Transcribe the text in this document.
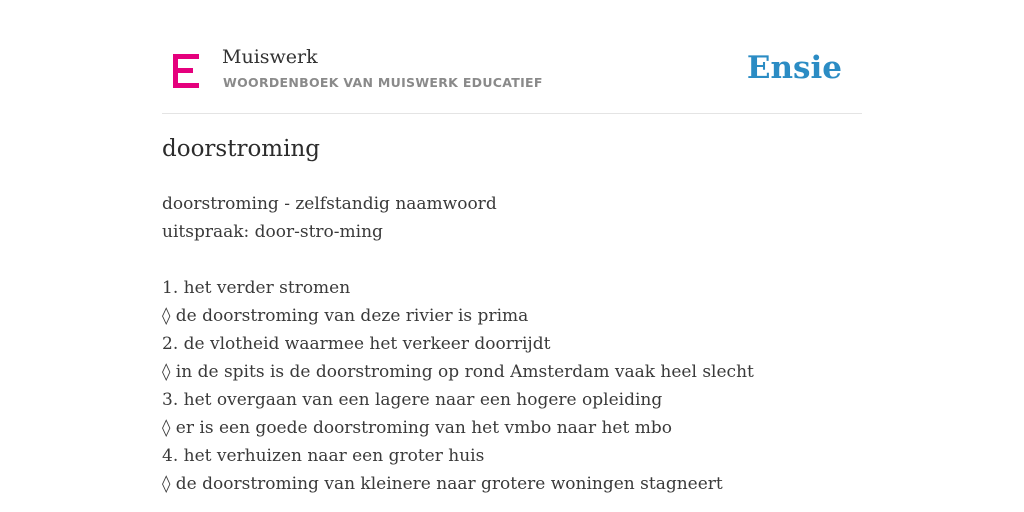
Muiswerk
WOORDENBOEK VAN MUISWERK EDUCATIEF	Ensie
doorstroming
doorstroming - zelfstandig naamwoord
uitspraak: door-stro-ming
1. het verder stromen
◊ de doorstroming van deze rivier is prima
2. de vlotheid waarmee het verkeer doorrijdt
◊ in de spits is de doorstroming op rond Amsterdam vaak heel slecht
3. het overgaan van een lagere naar een hogere opleiding
◊ er is een goede doorstroming van het vmbo naar het mbo
4. het verhuizen naar een groter huis
◊ de doorstroming van kleinere naar grotere woningen stagneert
